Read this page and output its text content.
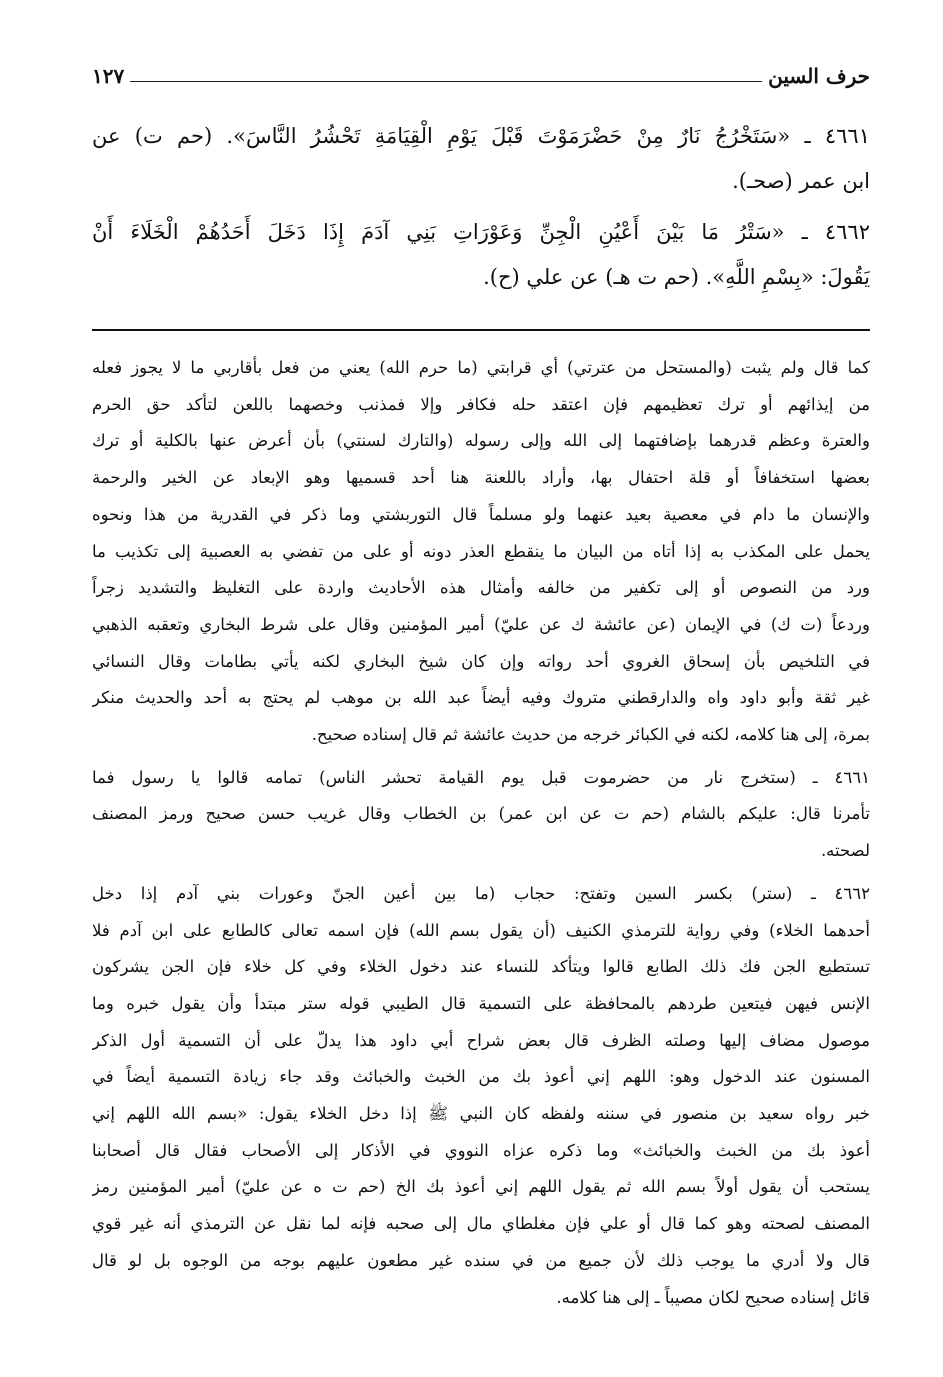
حرف السين
١٢٧
٤٦٦١ ـ «سَتَخْرُجُ نَارٌ مِنْ حَضْرَمَوْتَ قَبْلَ يَوْمِ الْقِيَامَةِ تَحْشُرُ النَّاسَ». (حم ت) عن
ابن عمر (صحـ).
٤٦٦٢ ـ «سَتْرُ مَا بَيْنَ أَعْيُنِ الْجِنِّ وَعَوْرَاتِ بَنِي آدَمَ إِذَا دَخَلَ أَحَدُهُمْ الْخَلَاءَ أَنْ
يَقُولَ: «بِسْمِ اللَّهِ». (حم ت هـ) عن علي (ح).
كما قال ولم يثبت (والمستحل من عترتي) أي قرابتي (ما حرم الله) يعني من فعل بأقاربي ما لا يجوز فعله
من إيذائهم أو ترك تعظيمهم فإن اعتقد حله فكافر وإلا فمذنب وخصهما باللعن لتأكد حق الحرم
والعترة وعظم قدرهما بإضافتهما إلى الله وإلى رسوله (والتارك لسنتي) بأن أعرض عنها بالكلية أو ترك
بعضها استخفافاً أو قلة احتفال بها، وأراد باللعنة هنا أحد قسميها وهو الإبعاد عن الخير والرحمة
والإنسان ما دام في معصية بعيد عنهما ولو مسلماً قال التوربشتي وما ذكر في القدرية من هذا ونحوه
يحمل على المكذب به إذا أتاه من البيان ما ينقطع العذر دونه أو على من تفضي به العصبية إلى تكذيب ما
ورد من النصوص أو إلى تكفير من خالفه وأمثال هذه الأحاديث واردة على التغليظ والتشديد زجراً
وردعاً (ت ك) في الإيمان (عن عائشة ك عن عليّ) أمير المؤمنين وقال على شرط البخاري وتعقبه الذهبي
في التلخيص بأن إسحاق الغروي أحد رواته وإن كان شيخ البخاري لكنه يأتي بطامات وقال النسائي
غير ثقة وأبو داود واه والدارقطني متروك وفيه أيضاً عبد الله بن موهب لم يحتج به أحد والحديث منكر
بمرة، إلى هنا كلامه، لكنه في الكبائر خرجه من حديث عائشة ثم قال إسناده صحيح.
٤٦٦١ ـ (ستخرج نار من حضرموت قبل يوم القيامة تحشر الناس) تمامه قالوا يا رسول فما
تأمرنا قال: عليكم بالشام (حم ت عن ابن عمر) بن الخطاب وقال غريب حسن صحيح ورمز المصنف
لصحته.
٤٦٦٢ ـ (ستر) بكسر السين وتفتح: حجاب (ما بين أعين الجنّ وعورات بني آدم إذا دخل
أحدهما الخلاء) وفي رواية للترمذي الكنيف (أن يقول بسم الله) فإن اسمه تعالى كالطابع على ابن آدم فلا
تستطيع الجن فك ذلك الطابع قالوا ويتأكد للنساء عند دخول الخلاء وفي كل خلاء فإن الجن يشركون
الإنس فيهن فيتعين طردهم بالمحافظة على التسمية قال الطيبي قوله ستر مبتدأ وأن يقول خبره وما
موصول مضاف إليها وصلته الظرف قال بعض شراح أبي داود هذا يدلّ على أن التسمية أول الذكر
المسنون عند الدخول وهو: اللهم إني أعوذ بك من الخبث والخبائث وقد جاء زيادة التسمية أيضاً في
خبر رواه سعيد بن منصور في سننه ولفظه كان النبي ﷺ إذا دخل الخلاء يقول: «بسم الله اللهم إني
أعوذ بك من الخبث والخبائث» وما ذكره عزاه النووي في الأذكار إلى الأصحاب فقال قال أصحابنا
يستحب أن يقول أولاً بسم الله ثم يقول اللهم إني أعوذ بك الخ (حم ت ه عن عليّ) أمير المؤمنين رمز
المصنف لصحته وهو كما قال أو علي فإن مغلطاي مال إلى صحبه فإنه لما نقل عن الترمذي أنه غير قوي
قال ولا أدري ما يوجب ذلك لأن جميع من في سنده غير مطعون عليهم بوجه من الوجوه بل لو قال
قائل إسناده صحيح لكان مصيباً ـ إلى هنا كلامه.
